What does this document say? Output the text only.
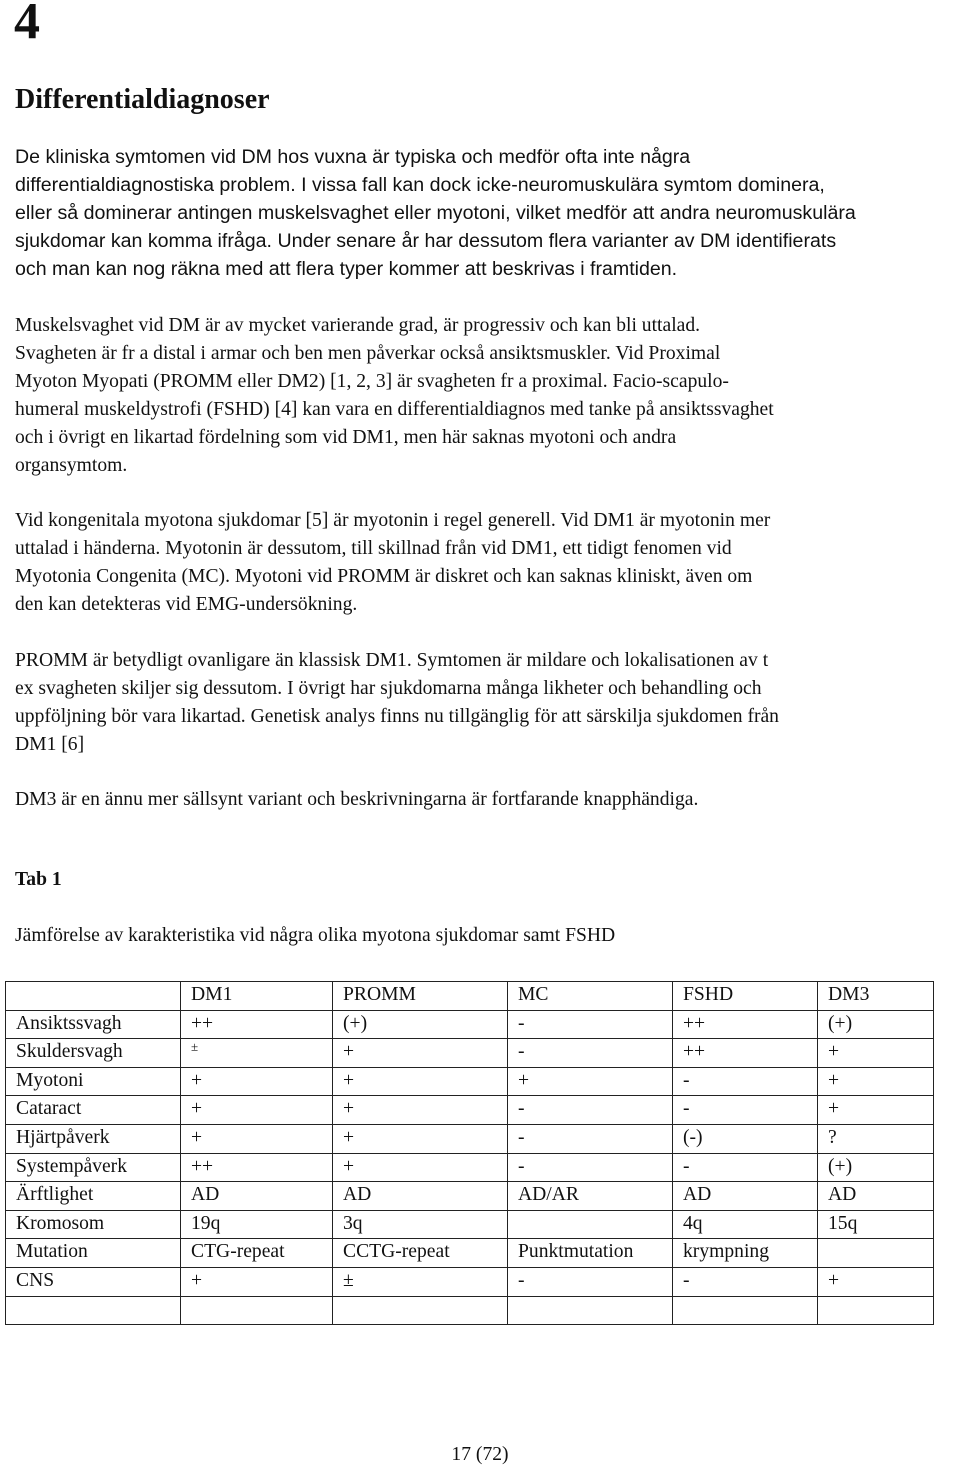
4
Differentialdiagnoser

De kliniska symtomen vid DM hos vuxna är typiska och medför ofta inte några
differentialdiagnostiska problem. I vissa fall kan dock icke-neuromuskulära symtom dominera,
eller så dominerar antingen muskelsvaghet eller myotoni, vilket medför att andra neuromuskulära
sjukdomar kan komma ifråga. Under senare år har dessutom flera varianter av DM identifierats
och man kan nog räkna med att flera typer kommer att beskrivas i framtiden.

Muskelsvaghet vid DM är av mycket varierande grad, är progressiv och kan bli uttalad.
Svagheten är fr a distal i armar och ben men påverkar också ansiktsmuskler. Vid Proximal
Myoton Myopati (PROMM eller DM2) [1, 2, 3] är svagheten fr a proximal. Facio-scapulo-
humeral muskeldystrofi (FSHD) [4] kan vara en differentialdiagnos med tanke på ansiktssvaghet
och i övrigt en likartad fördelning som vid DM1, men här saknas myotoni och andra
organsymtom.

Vid kongenitala myotona sjukdomar [5] är myotonin i regel generell. Vid DM1 är myotonin mer
uttalad i händerna. Myotonin är dessutom, till skillnad från vid DM1, ett tidigt fenomen vid
Myotonia Congenita (MC). Myotoni vid PROMM är diskret och kan saknas kliniskt, även om
den kan detekteras vid EMG-undersökning.

PROMM är betydligt ovanligare än klassisk DM1. Symtomen är mildare och lokalisationen av t
ex svagheten skiljer sig dessutom. I övrigt har sjukdomarna många likheter och behandling och
uppföljning bör vara likartad. Genetisk analys finns nu tillgänglig för att särskilja sjukdomen från
DM1 [6]

DM3 är en ännu mer sällsynt variant och beskrivningarna är fortfarande knapphändiga.

Tab 1

Jämförelse av karakteristika vid några olika myotona sjukdomar samt FSHD

	DM1	PROMM	MC	FSHD	DM3
Ansiktssvagh	++	(+)	-	++	(+)
Skuldersvagh	±	+	-	++	+
Myotoni	+	+	+	-	+
Cataract	+	+	-	-	+
Hjärtpåverk	+	+	-	(-)	?
Systempåverk	++	+	-	-	(+)
Ärftlighet	AD	AD	AD/AR	AD	AD
Kromosom	19q	3q		4q	15q
Mutation	CTG-repeat	CCTG-repeat	Punktmutation	krympning	
CNS	+	±	-	-	+

17 (72)
